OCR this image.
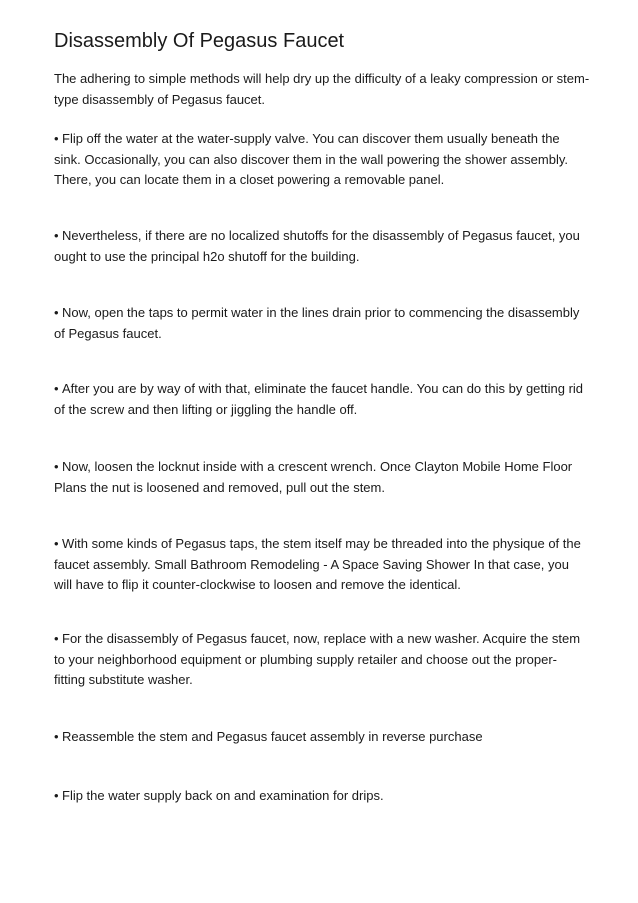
Disassembly Of Pegasus Faucet

The adhering to simple methods will help dry up the difficulty of a leaky compression or stem-
type disassembly of Pegasus faucet.

• Flip off the water at the water-supply valve. You can discover them usually beneath the
sink. Occasionally, you can also discover them in the wall powering the shower assembly.
There, you can locate them in a closet powering a removable panel.
• Nevertheless, if there are no localized shutoffs for the disassembly of Pegasus faucet, you
ought to use the principal h2o shutoff for the building.
• Now, open the taps to permit water in the lines drain prior to commencing the disassembly
of Pegasus faucet.
• After you are by way of with that, eliminate the faucet handle. You can do this by getting rid
of the screw and then lifting or jiggling the handle off.
• Now, loosen the locknut inside with a crescent wrench. Once Clayton Mobile Home Floor
Plans the nut is loosened and removed, pull out the stem.
• With some kinds of Pegasus taps, the stem itself may be threaded into the physique of the
faucet assembly. Small Bathroom Remodeling - A Space Saving Shower In that case, you
will have to flip it counter-clockwise to loosen and remove the identical.
• For the disassembly of Pegasus faucet, now, replace with a new washer. Acquire the stem
to your neighborhood equipment or plumbing supply retailer and choose out the proper-
fitting substitute washer.
• Reassemble the stem and Pegasus faucet assembly in reverse purchase
• Flip the water supply back on and examination for drips.
